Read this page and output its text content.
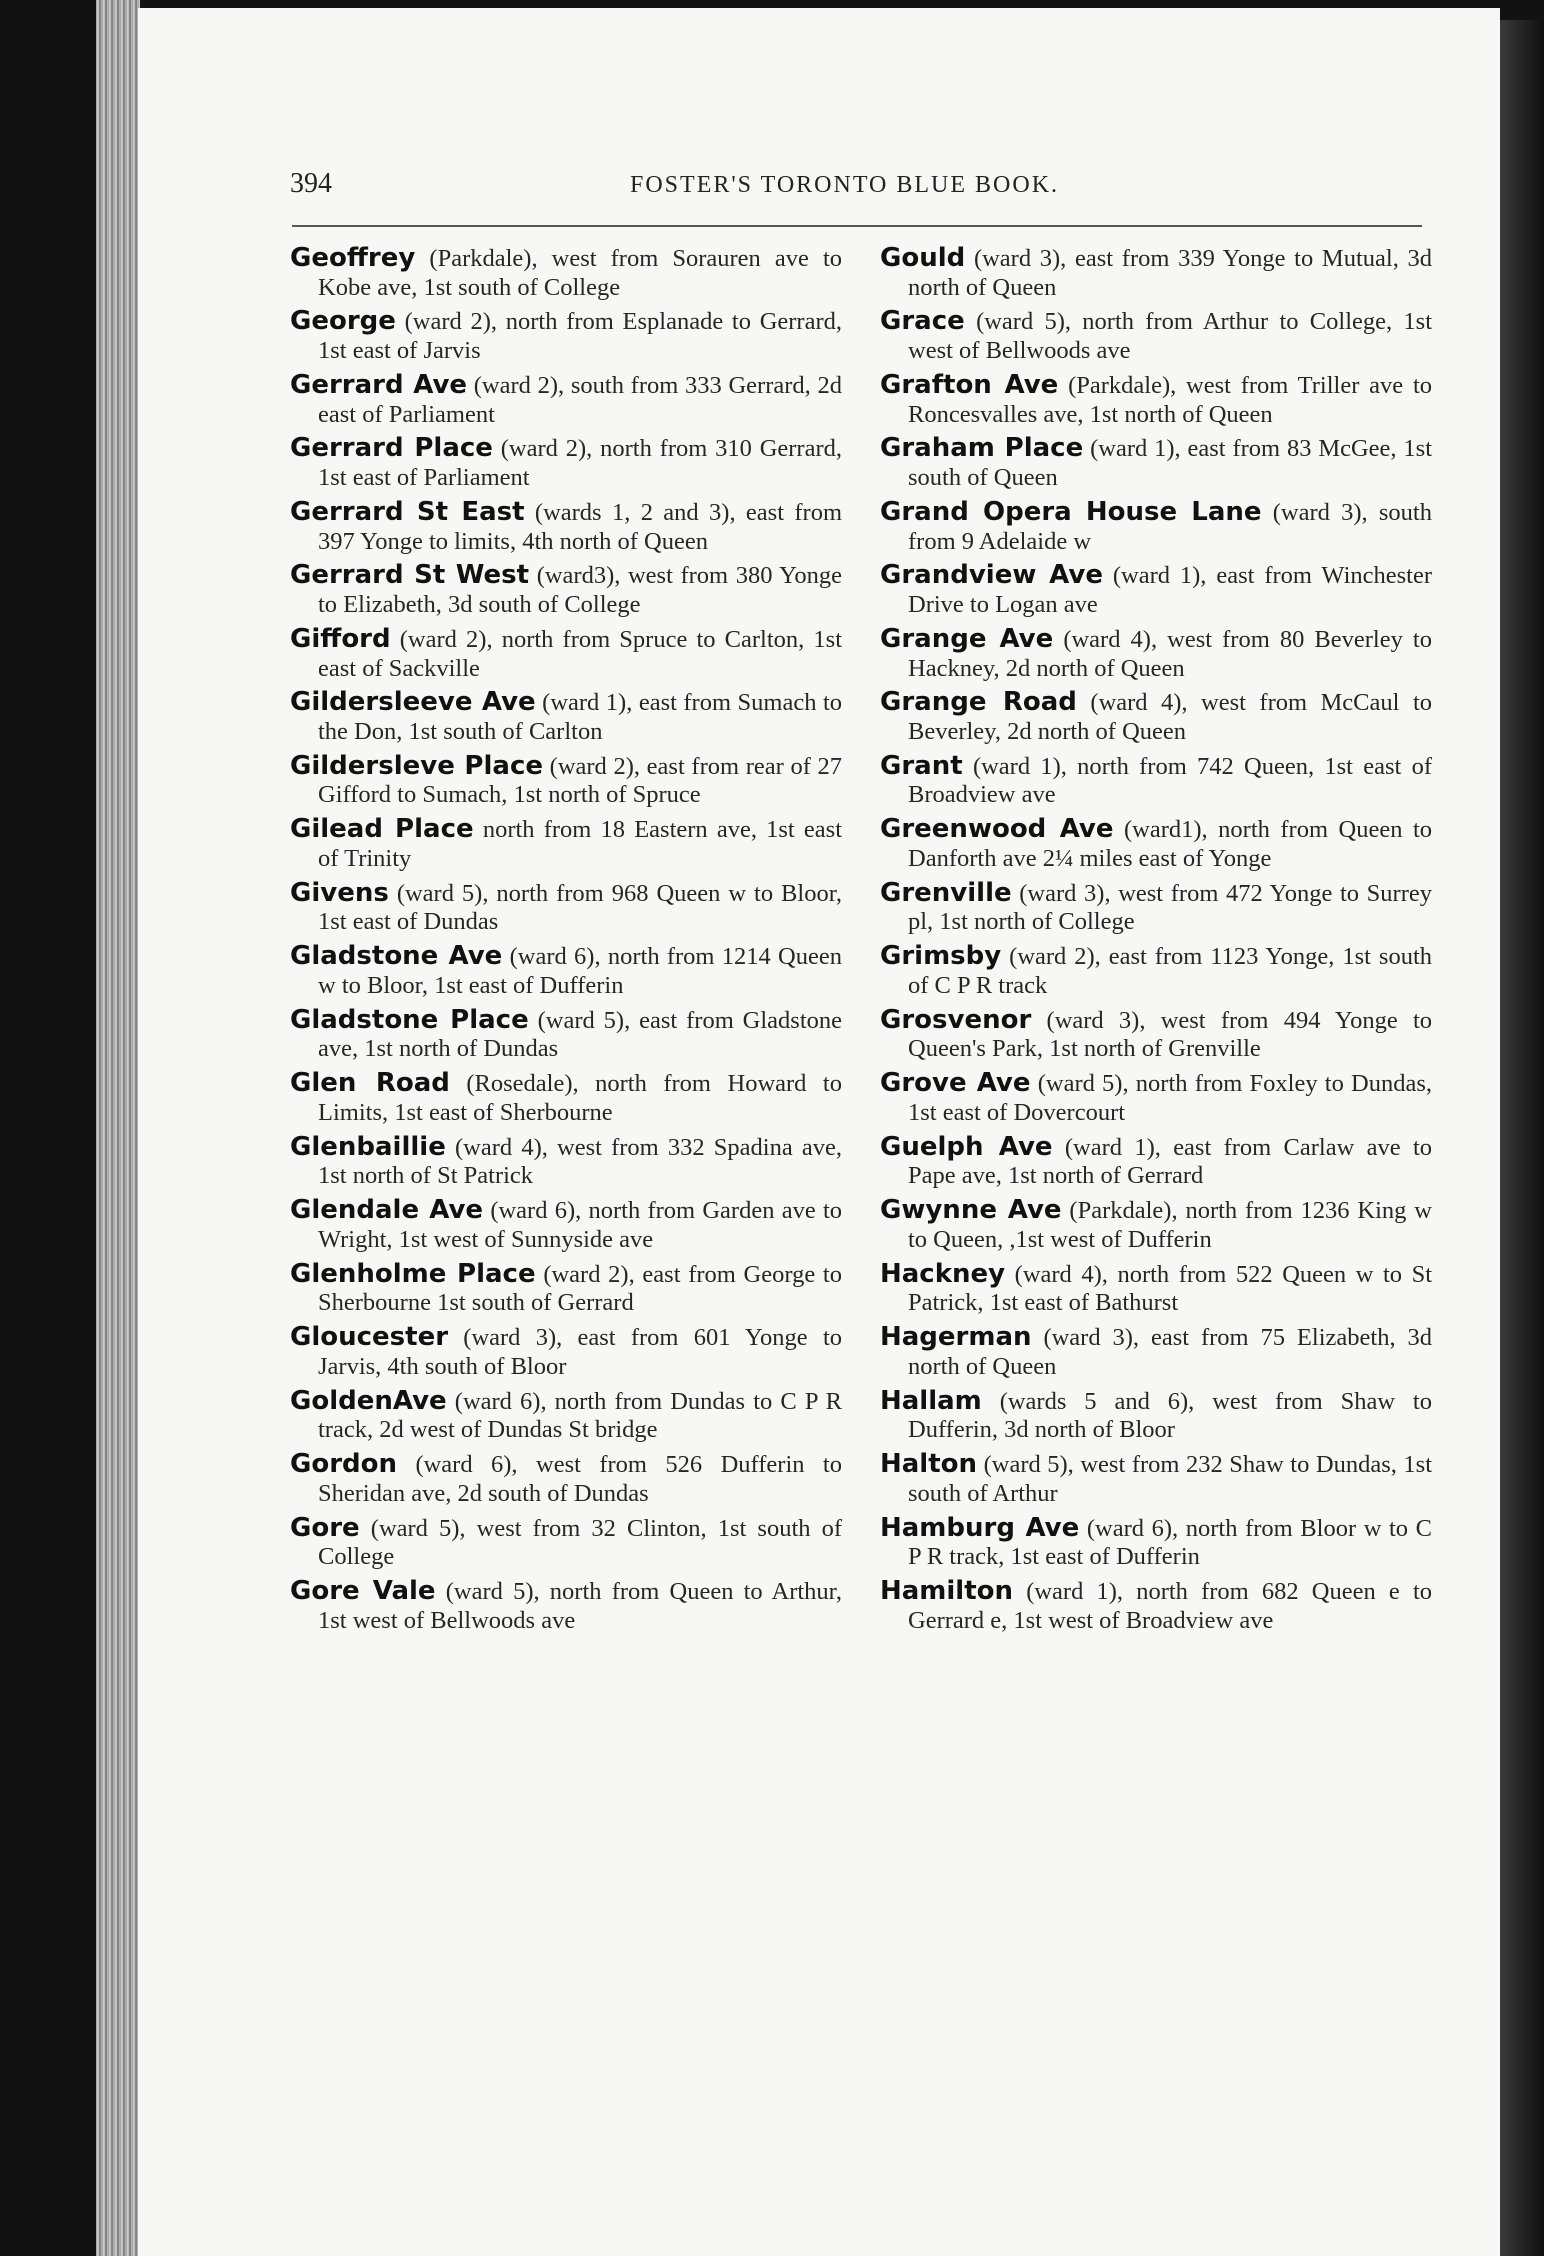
394	FOSTER'S TORONTO BLUE BOOK.

Geoffrey (Parkdale), west from Sorauren ave to Kobe ave, 1st south of College

George (ward 2), north from Esplanade to Gerrard, 1st east of Jarvis

Gerrard Ave (ward 2), south from 333 Gerrard, 2d east of Parliament

Gerrard Place (ward 2), north from 310 Gerrard, 1st east of Parliament

Gerrard St East (wards 1, 2 and 3), east from 397 Yonge to limits, 4th north of Queen

Gerrard St West (ward3), west from 380 Yonge to Elizabeth, 3d south of College

Gifford (ward 2), north from Spruce to Carlton, 1st east of Sackville

Gildersleeve Ave (ward 1), east from Sumach to the Don, 1st south of Carlton

Gildersleve Place (ward 2), east from rear of 27 Gifford to Sumach, 1st north of Spruce

Gilead Place north from 18 Eastern ave, 1st east of Trinity

Givens (ward 5), north from 968 Queen w to Bloor, 1st east of Dundas

Gladstone Ave (ward 6), north from 1214 Queen w to Bloor, 1st east of Dufferin

Gladstone Place (ward 5), east from Gladstone ave, 1st north of Dundas

Glen Road (Rosedale), north from Howard to Limits, 1st east of Sherbourne

Glenbaillie (ward 4), west from 332 Spadina ave, 1st north of St Patrick

Glendale Ave (ward 6), north from Garden ave to Wright, 1st west of Sunnyside ave

Glenholme Place (ward 2), east from George to Sherbourne 1st south of Gerrard

Gloucester (ward 3), east from 601 Yonge to Jarvis, 4th south of Bloor

GoldenAve (ward 6), north from Dundas to C P R track, 2d west of Dundas St bridge

Gordon (ward 6), west from 526 Dufferin to Sheridan ave, 2d south of Dundas

Gore (ward 5), west from 32 Clinton, 1st south of College

Gore Vale (ward 5), north from Queen to Arthur, 1st west of Bellwoods ave

Gould (ward 3), east from 339 Yonge to Mutual, 3d north of Queen

Grace (ward 5), north from Arthur to College, 1st west of Bellwoods ave

Grafton Ave (Parkdale), west from Triller ave to Roncesvalles ave, 1st north of Queen

Graham Place (ward 1), east from 83 McGee, 1st south of Queen

Grand Opera House Lane (ward 3), south from 9 Adelaide w

Grandview Ave (ward 1), east from Winchester Drive to Logan ave

Grange Ave (ward 4), west from 80 Beverley to Hackney, 2d north of Queen

Grange Road (ward 4), west from McCaul to Beverley, 2d north of Queen

Grant (ward 1), north from 742 Queen, 1st east of Broadview ave

Greenwood Ave (ward1), north from Queen to Danforth ave 2¼ miles east of Yonge

Grenville (ward 3), west from 472 Yonge to Surrey pl, 1st north of College

Grimsby (ward 2), east from 1123 Yonge, 1st south of C P R track

Grosvenor (ward 3), west from 494 Yonge to Queen's Park, 1st north of Grenville

Grove Ave (ward 5), north from Foxley to Dundas, 1st east of Dovercourt

Guelph Ave (ward 1), east from Carlaw ave to Pape ave, 1st north of Gerrard

Gwynne Ave (Parkdale), north from 1236 King w to Queen, ,1st west of Dufferin

Hackney (ward 4), north from 522 Queen w to St Patrick, 1st east of Bathurst

Hagerman (ward 3), east from 75 Elizabeth, 3d north of Queen

Hallam (wards 5 and 6), west from Shaw to Dufferin, 3d north of Bloor

Halton (ward 5), west from 232 Shaw to Dundas, 1st south of Arthur

Hamburg Ave (ward 6), north from Bloor w to C P R track, 1st east of Dufferin

Hamilton (ward 1), north from 682 Queen e to Gerrard e, 1st west of Broadview ave
